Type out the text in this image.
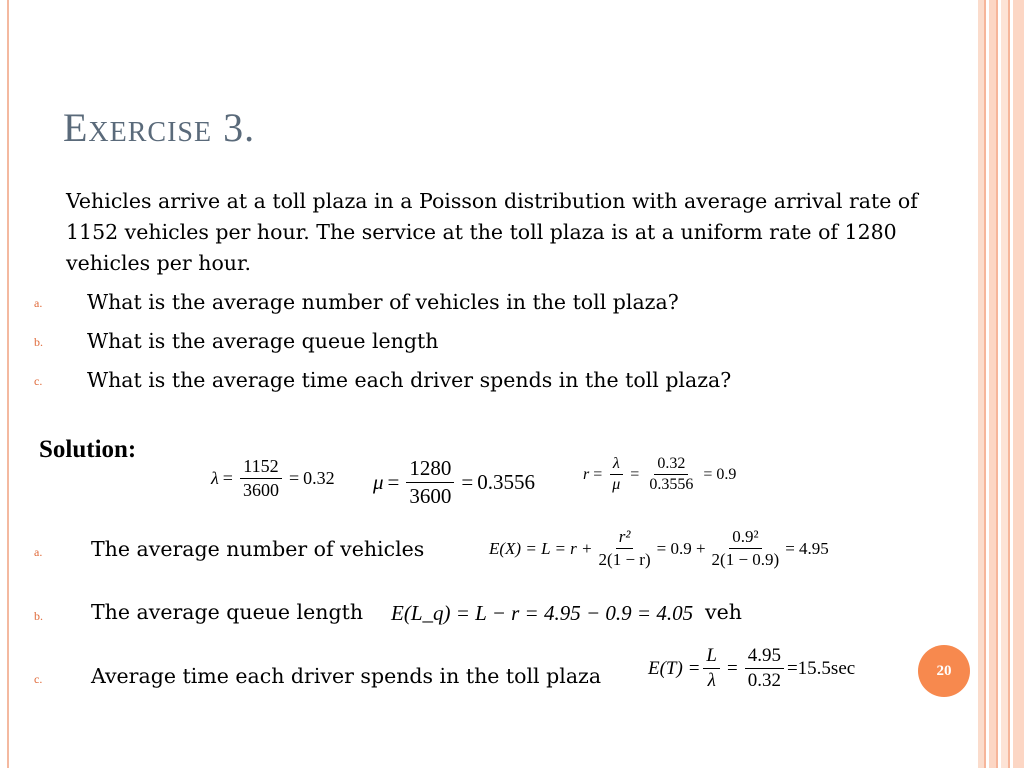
Exercise 3.

Vehicles arrive at a toll plaza in a Poisson distribution with average arrival rate of 1152 vehicles per hour. The service at the toll plaza is at a uniform rate of 1280 vehicles per hour.

a. What is the average number of vehicles in the toll plaza?
b. What is the average queue length
c. What is the average time each driver spends in the toll plaza?
Solution:
$\lambda = \frac{1152}{3600} = 0.32$ $\mu = \frac{1280}{3600} = 0.3556$	$r = \frac{\lambda}{\mu} = \frac{0.32}{0.3556} = 0.9$
a. The average number of vehicles	$E(X) = L = r + \frac{\text{r²}}{2(1 - r)} = 0.9 + \frac{\text{0.9²}}{2(1 - 0.9)} = 4.95$
b. The average queue length E(L_q) = L − r = 4.95 − 0.9 = 4.05 veh
c. Average time each driver spends in the toll plaza $E(T) = \frac{L}{\lambda} = \frac{4.95}{0.32} =15.5\sec$	20
